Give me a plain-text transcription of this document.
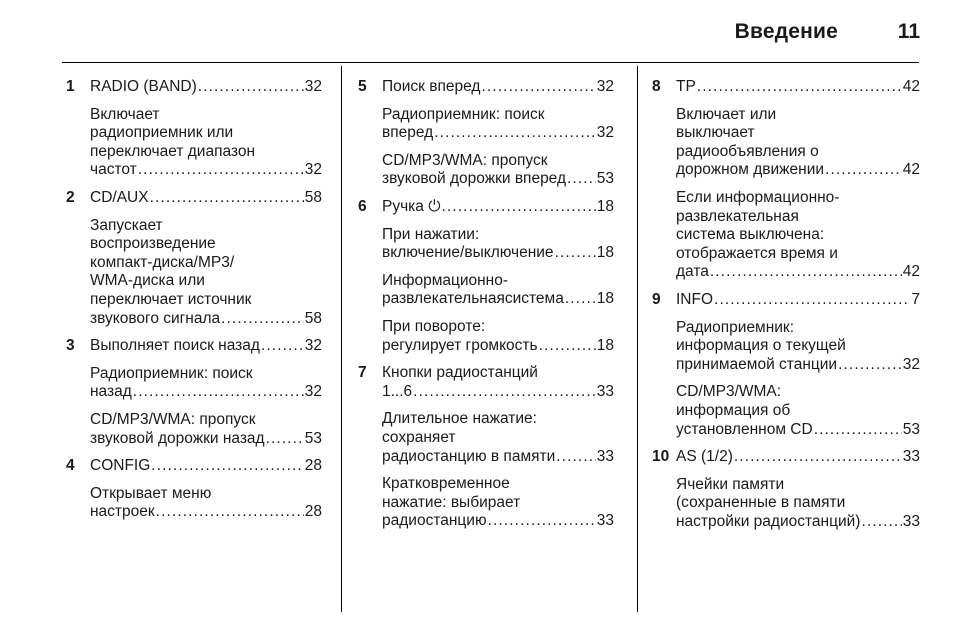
Введение	11
1 RADIO (BAND) . . .	32
Включает
радиоприемник или
переключает диапазон
частот . . .	32
2 CD/AUX . . .	58
Запускает
воспроизведение
компакт-диска/MP3/
WMA-диска или
переключает источник
звукового сигнала . . .	58
3 Выполняет поиск назад . . .	32
Радиоприемник: поиск
назад . . .	32
CD/MP3/WMA: пропуск
звуковой дорожки назад . . .	53
4 CONFIG . . .	28
Открывает меню
настроек . . .	28
5 Поиск вперед . . .	32
Радиоприемник: поиск
вперед . . .	32
CD/MP3/WMA: пропуск
звуковой дорожки вперед . . . 53
6 Ручка ⏻ . . .	18
При нажатии:
включение/выключение . . .	18
Информационно-
развлекательнаясистема . . . 18
При повороте:
регулирует громкость . . .	18
7 Кнопки радиостанций
1...6 . . .	33
Длительное нажатие:
сохраняет
радиостанцию в памяти . . .	33
Кратковременное
нажатие: выбирает
радиостанцию . . .	33
8 TP . . .	42
Включает или
выключает
радиообъявления о
дорожном движении . . .	42
Если информационно-
развлекательная
система выключена:
отображается время и
дата . . .	42
9 INFO . . .	7
Радиоприемник:
информация о текущей
принимаемой станции . . .	32
CD/MP3/WMA:
информация об
установленном CD . . .	53
10 AS (1/2) . . .	33
Ячейки памяти
(сохраненные в памяти
настройки радиостанций) . . .	33
